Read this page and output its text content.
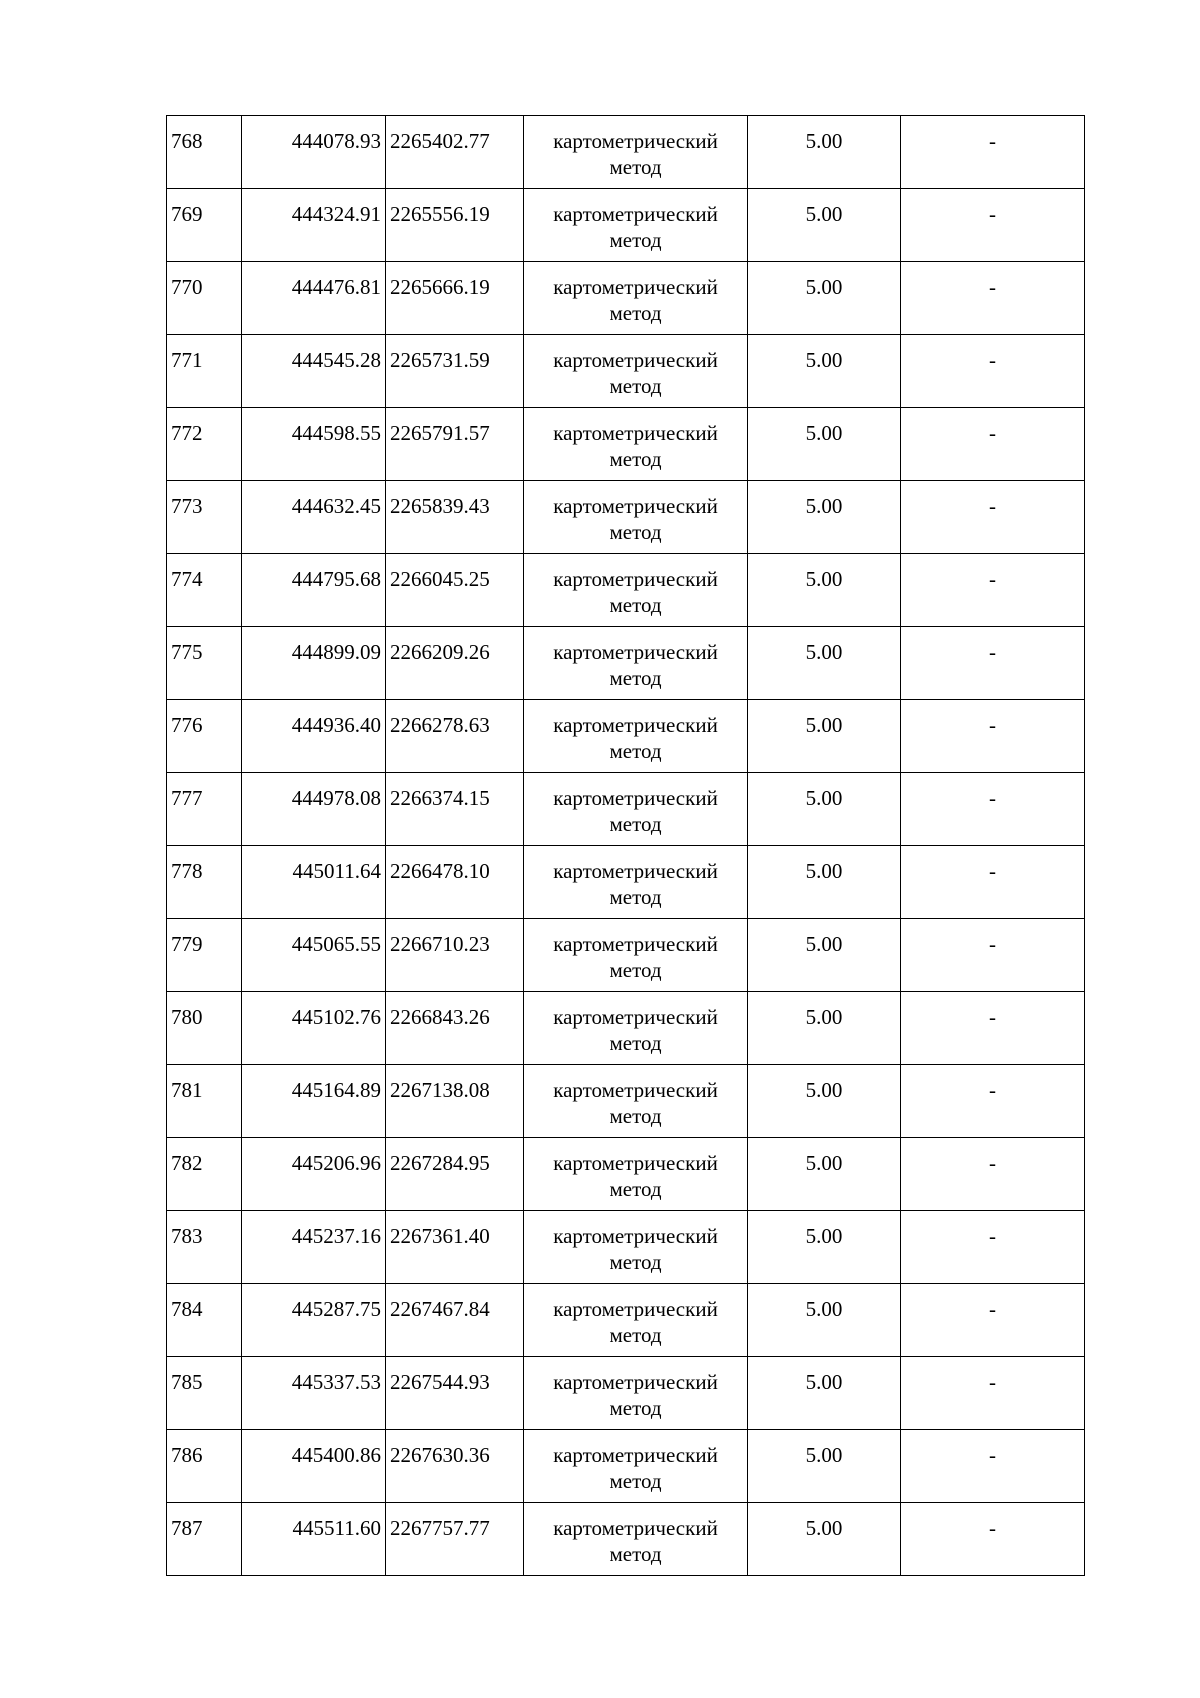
768	444078.93	2265402.77	картометрический метод	5.00	-
769	444324.91	2265556.19	картометрический метод	5.00	-
770	444476.81	2265666.19	картометрический метод	5.00	-
771	444545.28	2265731.59	картометрический метод	5.00	-
772	444598.55	2265791.57	картометрический метод	5.00	-
773	444632.45	2265839.43	картометрический метод	5.00	-
774	444795.68	2266045.25	картометрический метод	5.00	-
775	444899.09	2266209.26	картометрический метод	5.00	-
776	444936.40	2266278.63	картометрический метод	5.00	-
777	444978.08	2266374.15	картометрический метод	5.00	-
778	445011.64	2266478.10	картометрический метод	5.00	-
779	445065.55	2266710.23	картометрический метод	5.00	-
780	445102.76	2266843.26	картометрический метод	5.00	-
781	445164.89	2267138.08	картометрический метод	5.00	-
782	445206.96	2267284.95	картометрический метод	5.00	-
783	445237.16	2267361.40	картометрический метод	5.00	-
784	445287.75	2267467.84	картометрический метод	5.00	-
785	445337.53	2267544.93	картометрический метод	5.00	-
786	445400.86	2267630.36	картометрический метод	5.00	-
787	445511.60	2267757.77	картометрический метод	5.00	-
